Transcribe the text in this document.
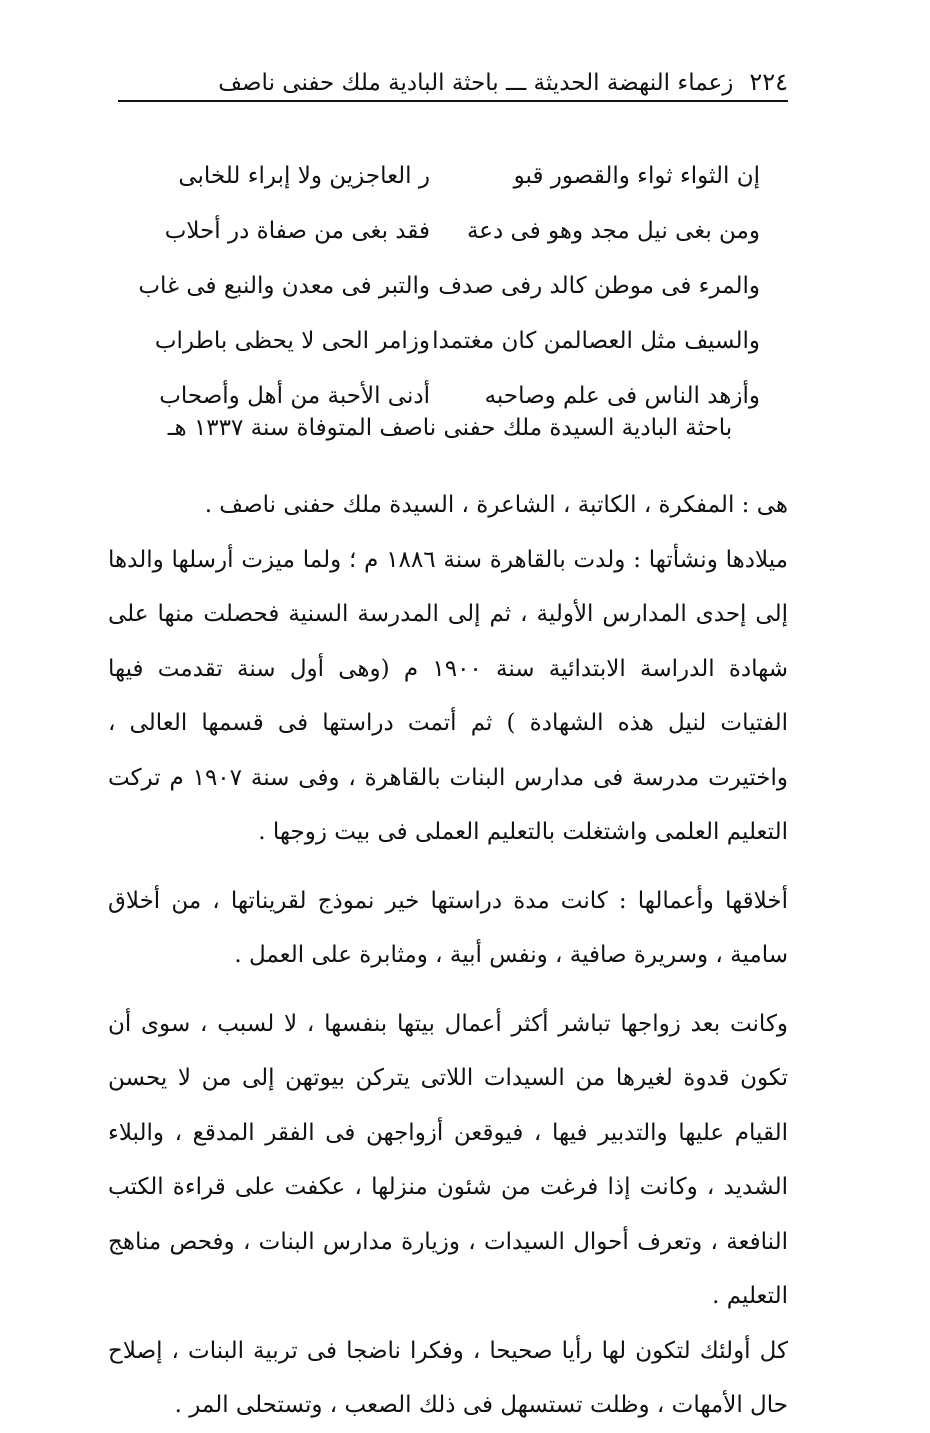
٢٢٤
زعماء النهضة الحديثة ـــ باحثة البادية ملك حفنى ناصف
إن الثواء ثواء والقصور قبو
ر العاجزين ولا إبراء للخابى
ومن بغى نيل مجد وهو فى دعة
فقد بغى من صفاة در أحلاب
والمرء فى موطن كالد رفى صدف
والتبر فى معدن والنبع فى غاب
والسيف مثل العصالمن كان مغتمدا
وزامر الحى لا يحظى باطراب
وأزهد الناس فى علم وصاحبه
أدنى الأحبة من أهل وأصحاب
باحثة البادية السيدة ملك حفنى ناصف المتوفاة سنة ١٣٣٧ هـ

هى : المفكرة ، الكاتبة ، الشاعرة ، السيدة ملك حفنى ناصف .

ميلادها ونشأتها : ولدت بالقاهرة سنة ١٨٨٦ م ؛ ولما ميزت أرسلها والدها إلى إحدى المدارس الأولية ، ثم إلى المدرسة السنية فحصلت منها على شهادة الدراسة الابتدائية سنة ١٩٠٠ م (وهى أول سنة تقدمت فيها الفتيات لنيل هذه الشهادة ) ثم أتمت دراستها فى قسمها العالى ، واختيرت مدرسة فى مدارس البنات بالقاهرة ، وفى سنة ١٩٠٧ م تركت التعليم العلمى واشتغلت بالتعليم العملى فى بيت زوجها .

أخلاقها وأعمالها : كانت مدة دراستها خير نموذج لقريناتها ، من أخلاق سامية ، وسريرة صافية ، ونفس أبية ، ومثابرة على العمل .

وكانت بعد زواجها تباشر أكثر أعمال بيتها بنفسها ، لا لسبب ، سوى أن تكون قدوة لغيرها من السيدات اللاتى يتركن بيوتهن إلى من لا يحسن القيام عليها والتدبير فيها ، فيوقعن أزواجهن فى الفقر المدقع ، والبلاء الشديد ، وكانت إذا فرغت من شئون منزلها ، عكفت على قراءة الكتب النافعة ، وتعرف أحوال السيدات ، وزيارة مدارس البنات ، وفحص مناهج التعليم .

كل أولئك لتكون لها رأيا صحيحا ، وفكرا ناضجا فى تربية البنات ، إصلاح حال الأمهات ، وظلت تستسهل فى ذلك الصعب ، وتستحلى المر .
